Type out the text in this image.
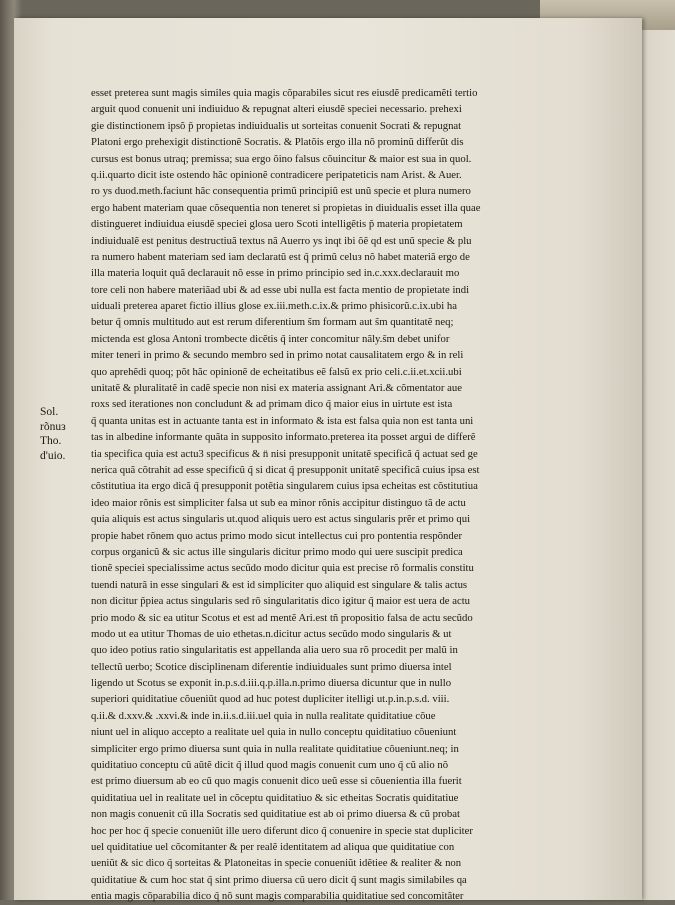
Sol.
rõnuз
Tho.
d'uio.
esset preterea sunt magis similes quia magis cõparabiles sicut res eiusdẽ predicamẽti tertio
arguit quod conuenit uni indiuiduo & repugnat alteri eiusdẽ speciei necessario. prehexi
gie distinctionem ipsõ p̃ propietas indiuidualis ut sorteitas conuenit Socrati & repugnat
Platoni ergo prehexigit distinctionẽ Socratis. & Platõis ergo illa nõ prominũ differũt dis
cursus est bonus utraq; premissa; sua ergo õino falsus cõuincitur & maior est sua in quol.
q.ii.quarto dicit iste ostendo hãc opinionẽ contradicere peripateticis nam Arist. & Auer.
ro ys duod.meth.faciunt hãc consequentia primũ principiũ est unũ specie et plura numero
ergo habent materiam quae cõsequentia non teneret si propietas in diuidualis esset illa quae
distingueret indiuidua eiusdẽ speciei glosa uero Scoti intelligẽtis p̃ materia propietatem
indiuidualẽ est penitus destructiuã textus nã Auerro ys inqt ibi õẽ qd est unũ specie & plu
ra numero habent materiam sed iam declaratũ est q̃ primũ celuз nõ habet materiã ergo de
illa materia loquit quã declarauit nõ esse in primo principio sed in.c.xxx.declarauit mo
tore celi non habere materiãad ubi & ad esse ubi nulla est facta mentio de propietate indi
uiduali preterea aparet fictio illius glose ex.iii.meth.c.ix.& primo phisicorũ.c.ix.ubi ha
betur q̃ omnis multitudo aut est rerum diferentium s̃m formam aut s̃m quantitatẽ neq;
mictenda est glosa Antoni trombecte dicẽtis q̃ inter concomitur nãly.s̃m debet unifor
miter teneri in primo & secundo membro sed in primo notat causalitatem ergo & in reli
quo aprehẽdi quoq; põt hãc opinionẽ de echeitatibus eẽ falsũ ex prio celi.c.ii.et.xcii.ubi
unitatẽ & pluralitatẽ in cadẽ specie non nisi ex materia assignant Ari.& cõmentator aue
roxs sed iterationes non concludunt & ad primam dico q̃ maior eius in uirtute est ista
q̃ quanta unitas est in actuante tanta est in informato & ista est falsa quia non est tanta uni
tas in albedine informante quãta in supposito informato.preterea ita posset argui de differẽ
tia specifica quia est actu3 specificus & n̈ nisi presupponit unitatẽ specificã q̃ actuat sed ge
nerica quã cõtrahit ad esse specificũ q̃ si dicat q̃ presupponit unitatẽ specificã cuius ipsa est
cõstitutiua ita ergo dicã q̃ presupponit potẽtia singularem cuius ipsa echeitas est cõstitutiua
ideo maior rõnis est simpliciter falsa ut sub ea minor rõnis accipitur distinguo tã de actu
quia aliquis est actus singularis ut.quod aliquis uero est actus singularis prẽr et primo qui
propie habet rõnem quo actus primo modo sicut intellectus cui pro pontentia respõnder
corpus organicũ & sic actus ille singularis dicitur primo modo qui uere suscipit predica
tionẽ speciei specialissime actus secũdo modo dicitur quia est precise rõ formalis constitu
tuendi naturã in esse singulari & est id simpliciter quo aliquid est singulare & talis actus
non dicitur p̃piea actus singularis sed rõ singularitatis dico igitur q̃ maior est uera de actu
prio modo & sic ea utitur Scotus et est ad mentẽ Ari.est tñ propositio falsa de actu secũdo
modo ut ea utitur Thomas de uio ethetas.n.dicitur actus secũdo modo singularis & ut
quo ideo potius ratio singularitatis est appellanda alia uero sua rõ procedit per malũ in
tellectũ uerbo; Scotice disciplinenam diferentie indiuiduales sunt primo diuersa intel
ligendo ut Scotus se exponit in.p.s.d.iii.q.p.illa.n.primo diuersa dicuntur que in nullo
superiori quiditatiue cõueniũt quod ad huc potest dupliciter itelligi ut.p.in.p.s.d. viii.
q.ii.& d.xxv.& .xxvi.& inde in.ii.s.d.iii.uel quia in nulla realitate quiditatiue cõue
niunt uel in aliquo accepto a realitate uel quia in nullo conceptu quiditatiuo cõueniunt
simpliciter ergo primo diuersa sunt quia in nulla realitate quiditatiue cõueniunt.neq; in
quiditatiuo conceptu cũ aũtẽ dicit q̃ illud quod magis conuenit cum uno q̃ cũ alio nõ
est primo diuersum ab eo cũ quo magis conuenit dico ueũ esse si cõuenientia illa fuerit
quiditatiua uel in realitate uel in cõceptu quiditatiuo & sic etheitas Socratis quiditatiue
non magis conuenit cũ illa Socratis sed quiditatiue est ab oi primo diuersa & cũ probat
hoc per hoc q̃ specie conueniũt ille uero diferunt dico q̃ conuenire in specie stat dupliciter
uel quiditatiue uel cõcomitanter & per realẽ identitatem ad aliqua que quiditatiue con
ueniũt & sic dico q̃ sorteitas & Platoneitas in specie conueniũt idẽtiee & realiter & non
quiditatiue & cum hoc stat q̃ sint primo diuersa cũ uero dicit q̃ sunt magis similabiles qa
entia magis cõparabilia dico q̃ nõ sunt magis comparabilia quiditatiue sed concomitãter
